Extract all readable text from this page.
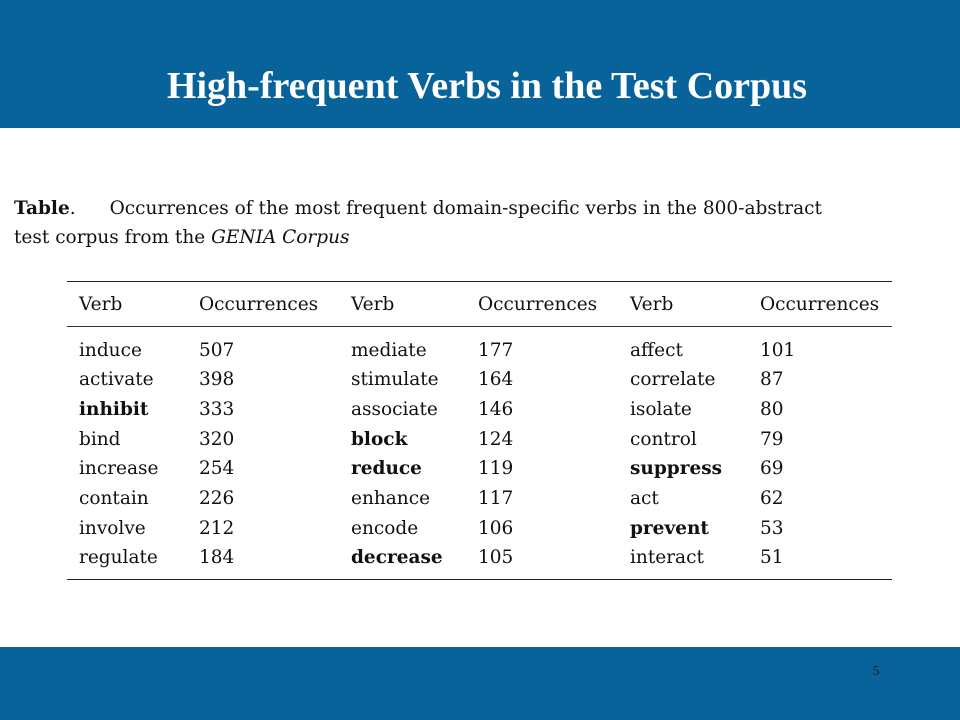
High-frequent Verbs in the Test Corpus
Table. Occurrences of the most frequent domain-specific verbs in the 800-abstract
test corpus from the GENIA Corpus
Verb	Occurrences	Verb	Occurrences	Verb	Occurrences
induce	507	mediate	177	affect	101
activate	398	stimulate	164	correlate	87
inhibit	333	associate	146	isolate	80
bind	320	block	124	control	79
increase	254	reduce	119	suppress	69
contain	226	enhance	117	act	62
involve	212	encode	106	prevent	53
regulate	184	decrease	105	interact	51
5
